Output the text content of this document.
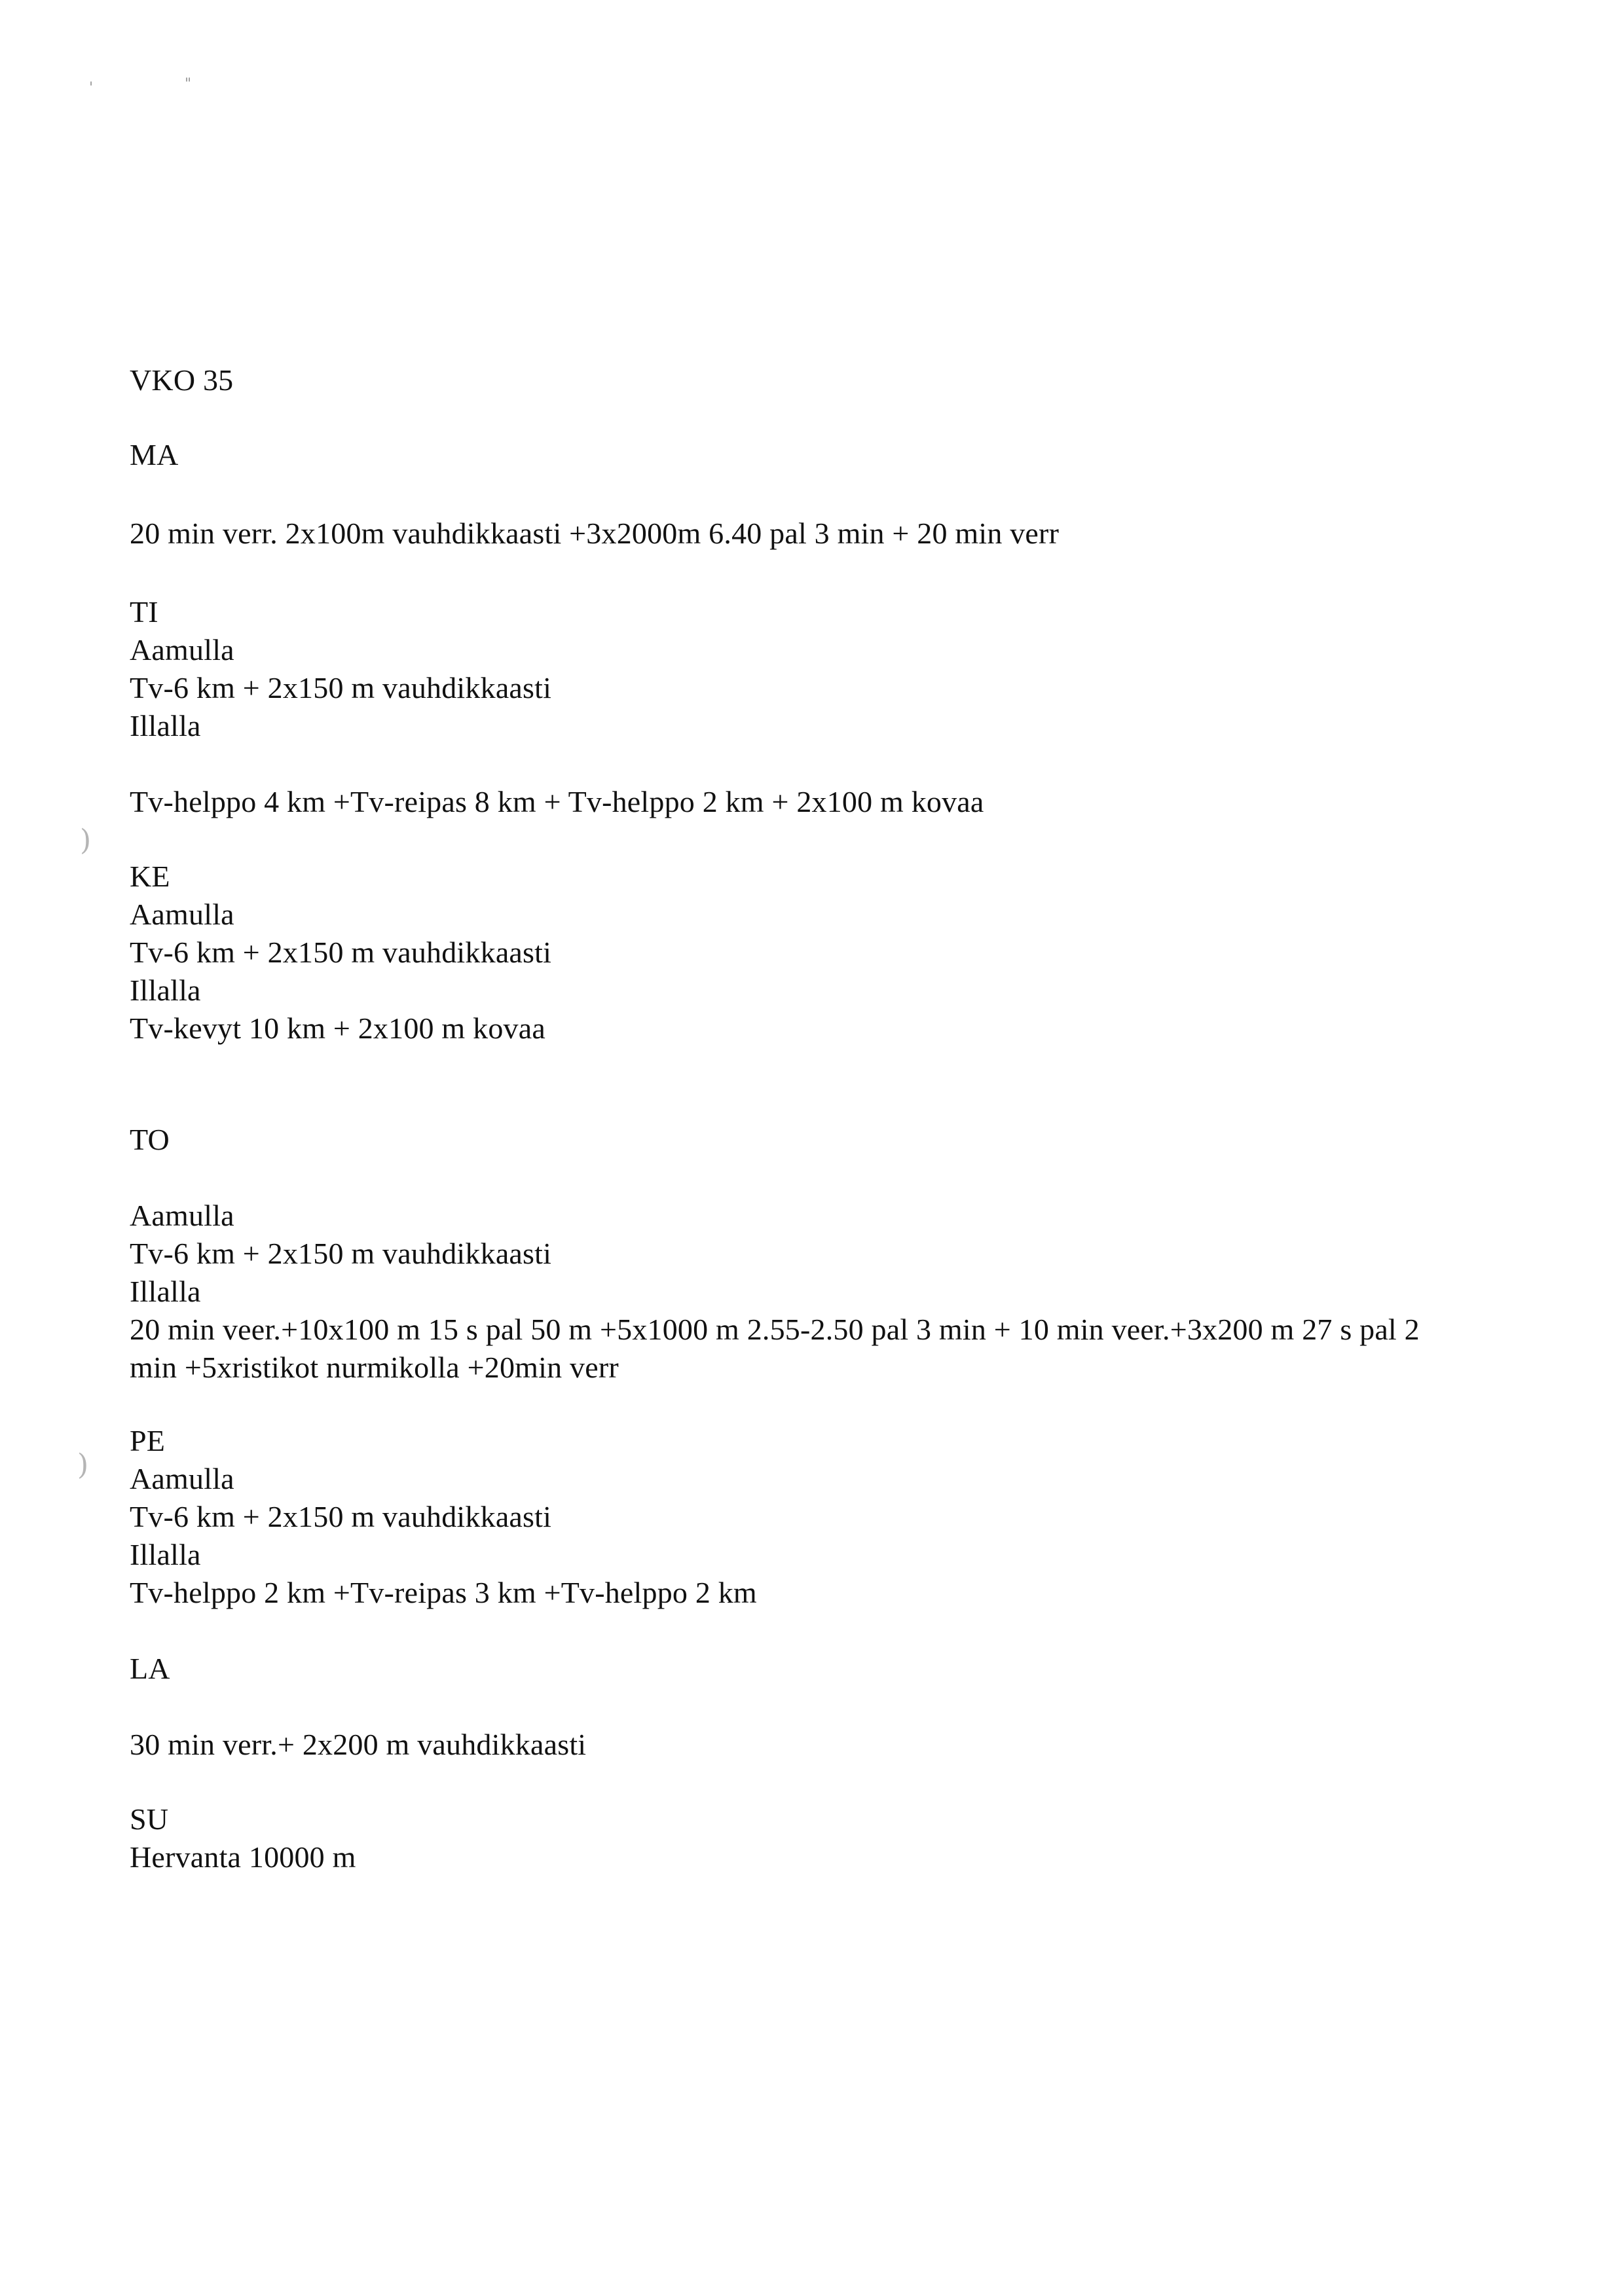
'	"
)
)
VKO 35
MA
20 min verr. 2x100m vauhdikkaasti +3x2000m 6.40 pal 3 min + 20 min verr
TI
Aamulla
Tv-6 km + 2x150 m vauhdikkaasti
Illalla
Tv-helppo 4 km +Tv-reipas 8 km + Tv-helppo 2 km + 2x100 m kovaa
KE
Aamulla
Tv-6 km + 2x150 m vauhdikkaasti
Illalla
Tv-kevyt 10 km + 2x100 m kovaa
TO
Aamulla
Tv-6 km + 2x150 m vauhdikkaasti
Illalla
20 min veer.+10x100 m 15 s pal 50 m +5x1000 m 2.55-2.50 pal 3 min + 10 min veer.+3x200 m 27 s pal 2 min +5xristikot nurmikolla +20min verr
PE
Aamulla
Tv-6 km + 2x150 m vauhdikkaasti
Illalla
Tv-helppo 2 km +Tv-reipas 3 km +Tv-helppo 2 km
LA
30 min verr.+ 2x200 m vauhdikkaasti
SU
Hervanta 10000 m
